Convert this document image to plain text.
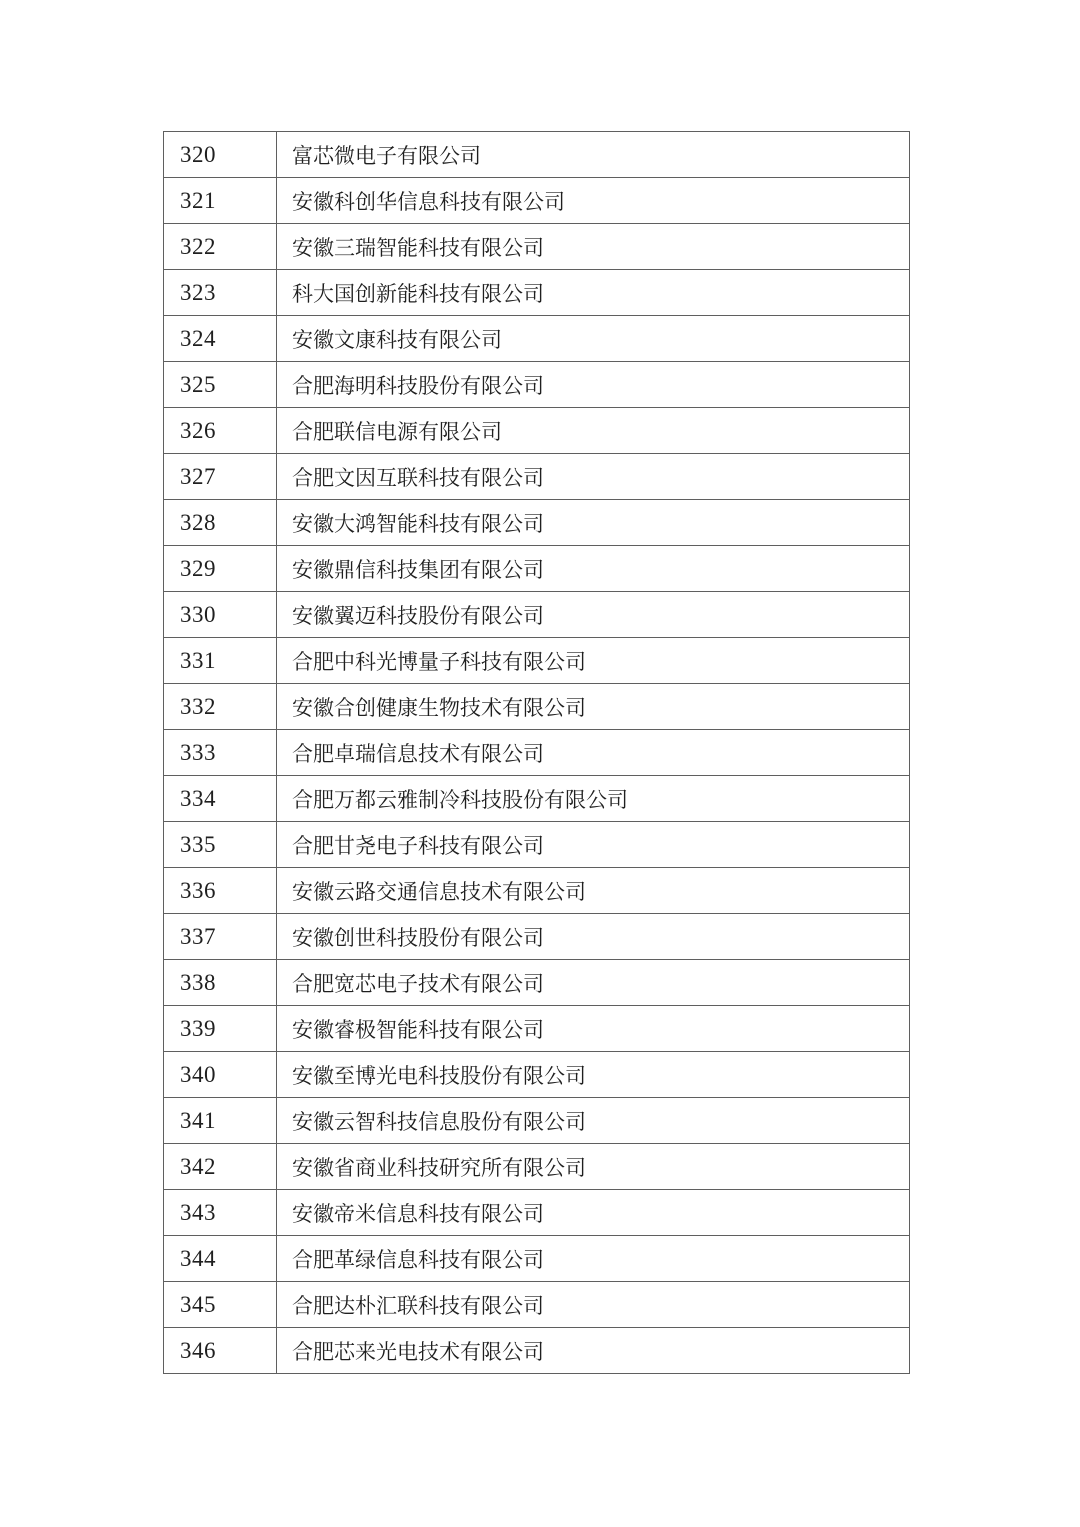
320	富芯微电子有限公司
321	安徽科创华信息科技有限公司
322	安徽三瑞智能科技有限公司
323	科大国创新能科技有限公司
324	安徽文康科技有限公司
325	合肥海明科技股份有限公司
326	合肥联信电源有限公司
327	合肥文因互联科技有限公司
328	安徽大鸿智能科技有限公司
329	安徽鼎信科技集团有限公司
330	安徽翼迈科技股份有限公司
331	合肥中科光博量子科技有限公司
332	安徽合创健康生物技术有限公司
333	合肥卓瑞信息技术有限公司
334	合肥万都云雅制冷科技股份有限公司
335	合肥甘尧电子科技有限公司
336	安徽云路交通信息技术有限公司
337	安徽创世科技股份有限公司
338	合肥宽芯电子技术有限公司
339	安徽睿极智能科技有限公司
340	安徽至博光电科技股份有限公司
341	安徽云智科技信息股份有限公司
342	安徽省商业科技研究所有限公司
343	安徽帝米信息科技有限公司
344	合肥革绿信息科技有限公司
345	合肥达朴汇联科技有限公司
346	合肥芯来光电技术有限公司
